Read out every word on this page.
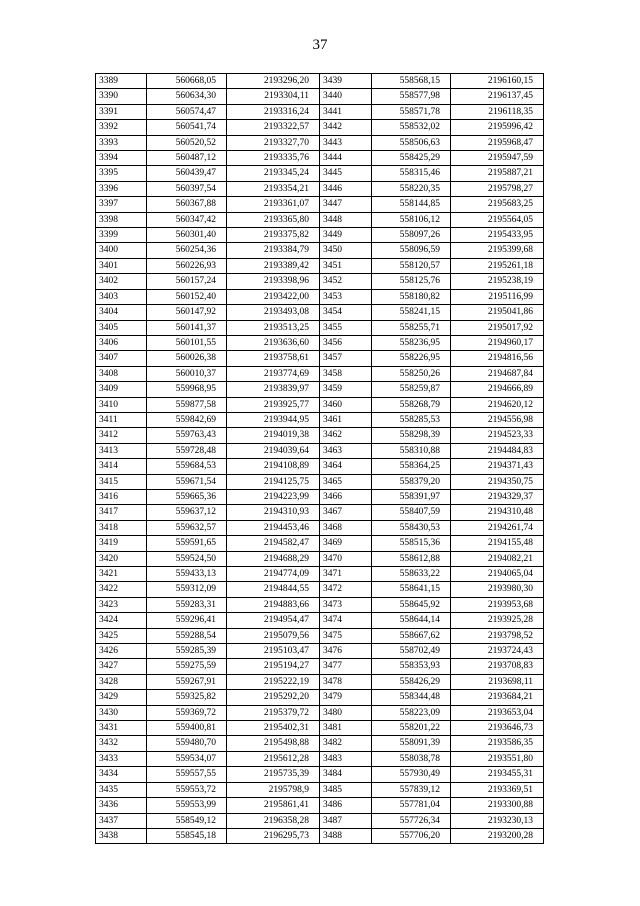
37
3389	560668,05	2193296,20	3439	558568,15	2196160,15
3390	560634,30	2193304,11	3440	558577,98	2196137,45
3391	560574,47	2193316,24	3441	558571,78	2196118,35
3392	560541,74	2193322,57	3442	558532,02	2195996,42
3393	560520,52	2193327,70	3443	558506,63	2195968,47
3394	560487,12	2193335,76	3444	558425,29	2195947,59
3395	560439,47	2193345,24	3445	558315,46	2195887,21
3396	560397,54	2193354,21	3446	558220,35	2195798,27
3397	560367,88	2193361,07	3447	558144,85	2195683,25
3398	560347,42	2193365,80	3448	558106,12	2195564,05
3399	560301,40	2193375,82	3449	558097,26	2195433,95
3400	560254,36	2193384,79	3450	558096,59	2195399,68
3401	560226,93	2193389,42	3451	558120,57	2195261,18
3402	560157,24	2193398,96	3452	558125,76	2195238,19
3403	560152,40	2193422,00	3453	558180,82	2195116,99
3404	560147,92	2193493,08	3454	558241,15	2195041,86
3405	560141,37	2193513,25	3455	558255,71	2195017,92
3406	560101,55	2193636,60	3456	558236,95	2194960,17
3407	560026,38	2193758,61	3457	558226,95	2194816,56
3408	560010,37	2193774,69	3458	558250,26	2194687,84
3409	559968,95	2193839,97	3459	558259,87	2194666,89
3410	559877,58	2193925,77	3460	558268,79	2194620,12
3411	559842,69	2193944,95	3461	558285,53	2194556,98
3412	559763,43	2194019,38	3462	558298,39	2194523,33
3413	559728,48	2194039,64	3463	558310,88	2194484,83
3414	559684,53	2194108,89	3464	558364,25	2194371,43
3415	559671,54	2194125,75	3465	558379,20	2194350,75
3416	559665,36	2194223,99	3466	558391,97	2194329,37
3417	559637,12	2194310,93	3467	558407,59	2194310,48
3418	559632,57	2194453,46	3468	558430,53	2194261,74
3419	559591,65	2194582,47	3469	558515,36	2194155,48
3420	559524,50	2194688,29	3470	558612,88	2194082,21
3421	559433,13	2194774,09	3471	558633,22	2194065,04
3422	559312,09	2194844,55	3472	558641,15	2193980,30
3423	559283,31	2194883,66	3473	558645,92	2193953,68
3424	559296,41	2194954,47	3474	558644,14	2193925,28
3425	559288,54	2195079,56	3475	558667,62	2193798,52
3426	559285,39	2195103,47	3476	558702,49	2193724,43
3427	559275,59	2195194,27	3477	558353,93	2193708,83
3428	559267,91	2195222,19	3478	558426,29	2193698,11
3429	559325,82	2195292,20	3479	558344,48	2193684,21
3430	559369,72	2195379,72	3480	558223,09	2193653,04
3431	559400,81	2195402,31	3481	558201,22	2193646,73
3432	559480,70	2195498,88	3482	558091,39	2193586,35
3433	559534,07	2195612,28	3483	558038,78	2193551,80
3434	559557,55	2195735,39	3484	557930,49	2193455,31
3435	559553,72	2195798,9	3485	557839,12	2193369,51
3436	559553,99	2195861,41	3486	557781,04	2193300,88
3437	558549,12	2196358,28	3487	557726,34	2193230,13
3438	558545,18	2196295,73	3488	557706,20	2193200,28
